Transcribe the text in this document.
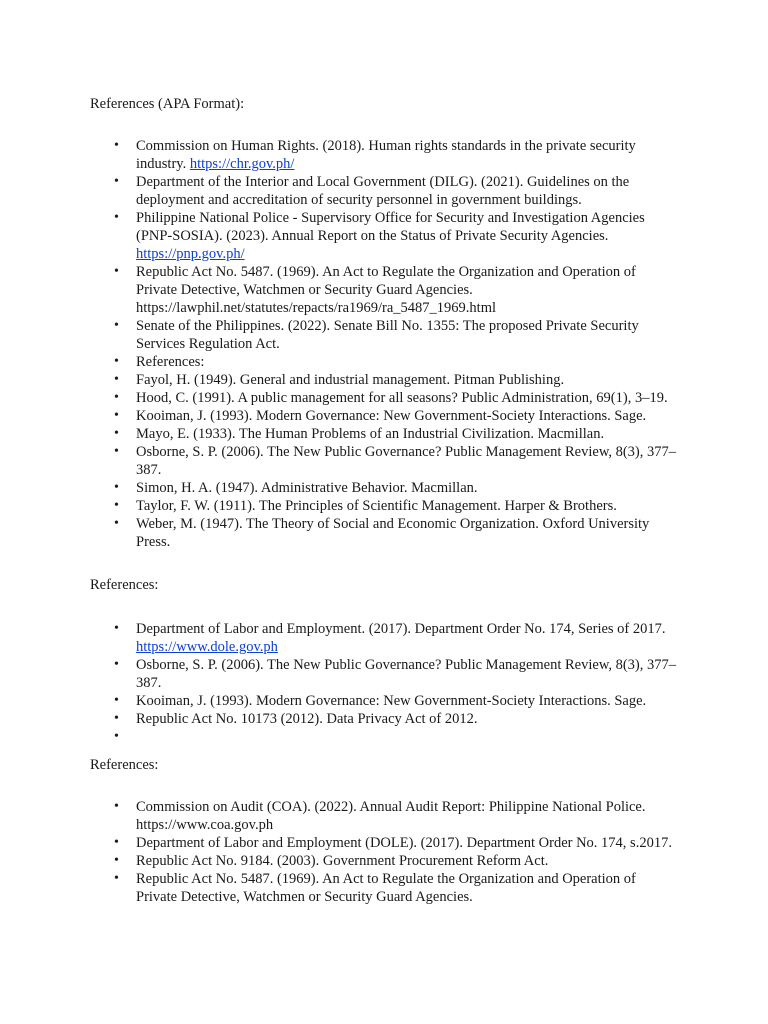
References (APA Format):

• Commission on Human Rights. (2018). Human rights standards in the private security industry. https://chr.gov.ph/
• Department of the Interior and Local Government (DILG). (2021). Guidelines on the deployment and accreditation of security personnel in government buildings.
• Philippine National Police - Supervisory Office for Security and Investigation Agencies (PNP-SOSIA). (2023). Annual Report on the Status of Private Security Agencies. https://pnp.gov.ph/
• Republic Act No. 5487. (1969). An Act to Regulate the Organization and Operation of Private Detective, Watchmen or Security Guard Agencies. https://lawphil.net/statutes/repacts/ra1969/ra_5487_1969.html
• Senate of the Philippines. (2022). Senate Bill No. 1355: The proposed Private Security Services Regulation Act.
• References:
• Fayol, H. (1949). General and industrial management. Pitman Publishing.
• Hood, C. (1991). A public management for all seasons? Public Administration, 69(1), 3–19.
• Kooiman, J. (1993). Modern Governance: New Government-Society Interactions. Sage.
• Mayo, E. (1933). The Human Problems of an Industrial Civilization. Macmillan.
• Osborne, S. P. (2006). The New Public Governance? Public Management Review, 8(3), 377–387.
• Simon, H. A. (1947). Administrative Behavior. Macmillan.
• Taylor, F. W. (1911). The Principles of Scientific Management. Harper & Brothers.
• Weber, M. (1947). The Theory of Social and Economic Organization. Oxford University Press.

References:

• Department of Labor and Employment. (2017). Department Order No. 174, Series of 2017. https://www.dole.gov.ph
• Osborne, S. P. (2006). The New Public Governance? Public Management Review, 8(3), 377–387.
• Kooiman, J. (1993). Modern Governance: New Government-Society Interactions. Sage.
• Republic Act No. 10173 (2012). Data Privacy Act of 2012.
•

References:

• Commission on Audit (COA). (2022). Annual Audit Report: Philippine National Police. https://www.coa.gov.ph
• Department of Labor and Employment (DOLE). (2017). Department Order No. 174, s.2017.
• Republic Act No. 9184. (2003). Government Procurement Reform Act.
• Republic Act No. 5487. (1969). An Act to Regulate the Organization and Operation of Private Detective, Watchmen or Security Guard Agencies.
